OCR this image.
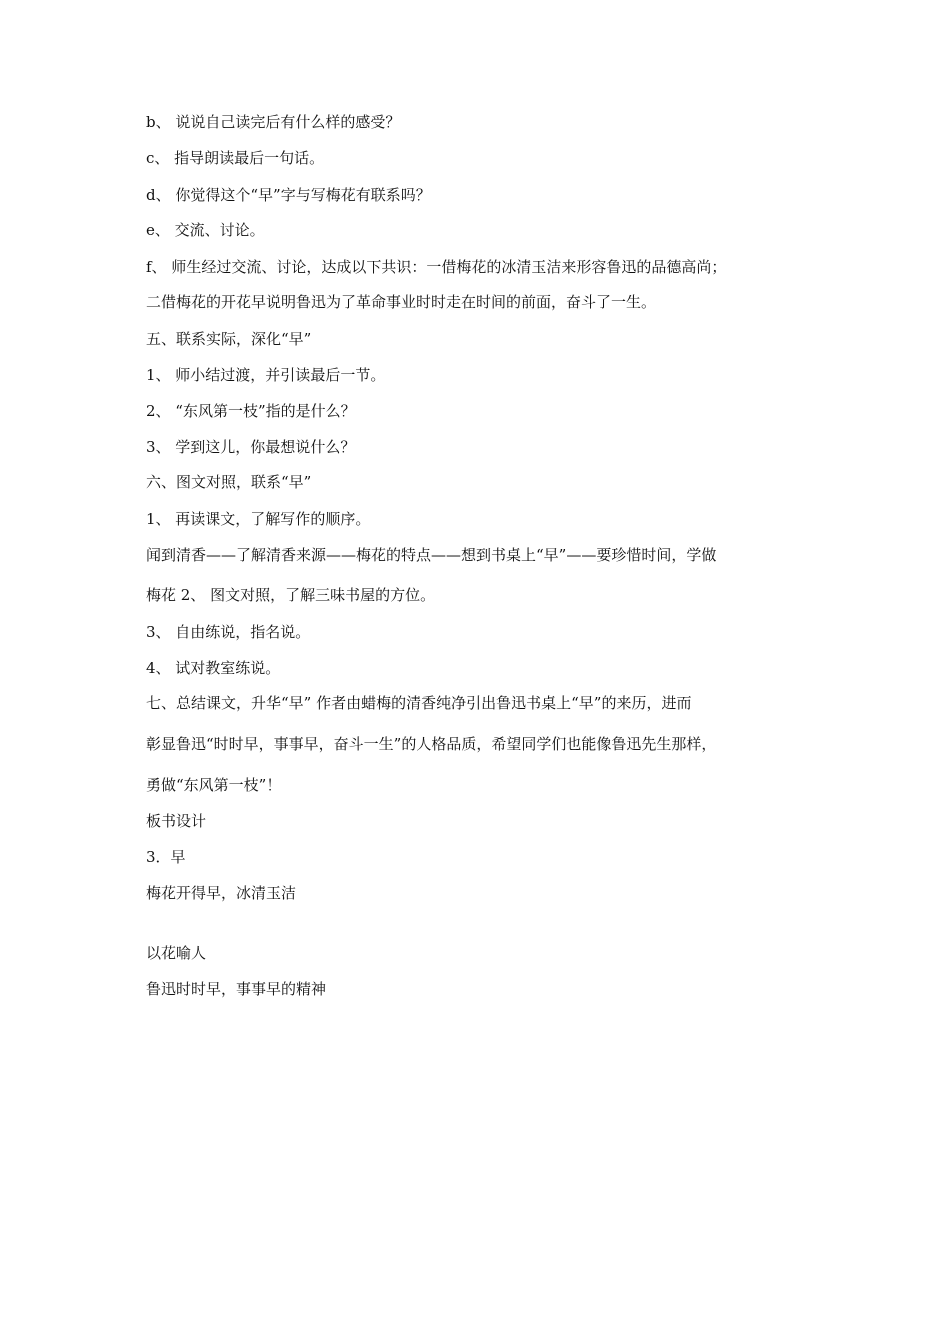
b、 说说自己读完后有什么样的感受？
c、 指导朗读最后一句话。
d、 你觉得这个“早”字与写梅花有联系吗？
e、 交流、讨论。
f、 师生经过交流、讨论，达成以下共识：一借梅花的冰清玉洁来形容鲁迅的品德高尚；
二借梅花的开花早说明鲁迅为了革命事业时时走在时间的前面，奋斗了一生。
五、联系实际，深化“早”
1、 师小结过渡，并引读最后一节。
2、 “东风第一枝”指的是什么？
3、 学到这儿，你最想说什么？
六、图文对照，联系“早”
1、 再读课文，了解写作的顺序。
闻到清香——了解清香来源——梅花的特点——想到书桌上“早”——要珍惜时间，学做
梅花 2、 图文对照，了解三味书屋的方位。
3、 自由练说，指名说。
4、 试对教室练说。
七、总结课文，升华“早” 作者由蜡梅的清香纯净引出鲁迅书桌上“早”的来历，进而
彰显鲁迅“时时早，事事早，奋斗一生”的人格品质，希望同学们也能像鲁迅先生那样，
勇做“东风第一枝”！
板书设计
3．早
梅花开得早，冰清玉洁
以花喻人
鲁迅时时早，事事早的精神
